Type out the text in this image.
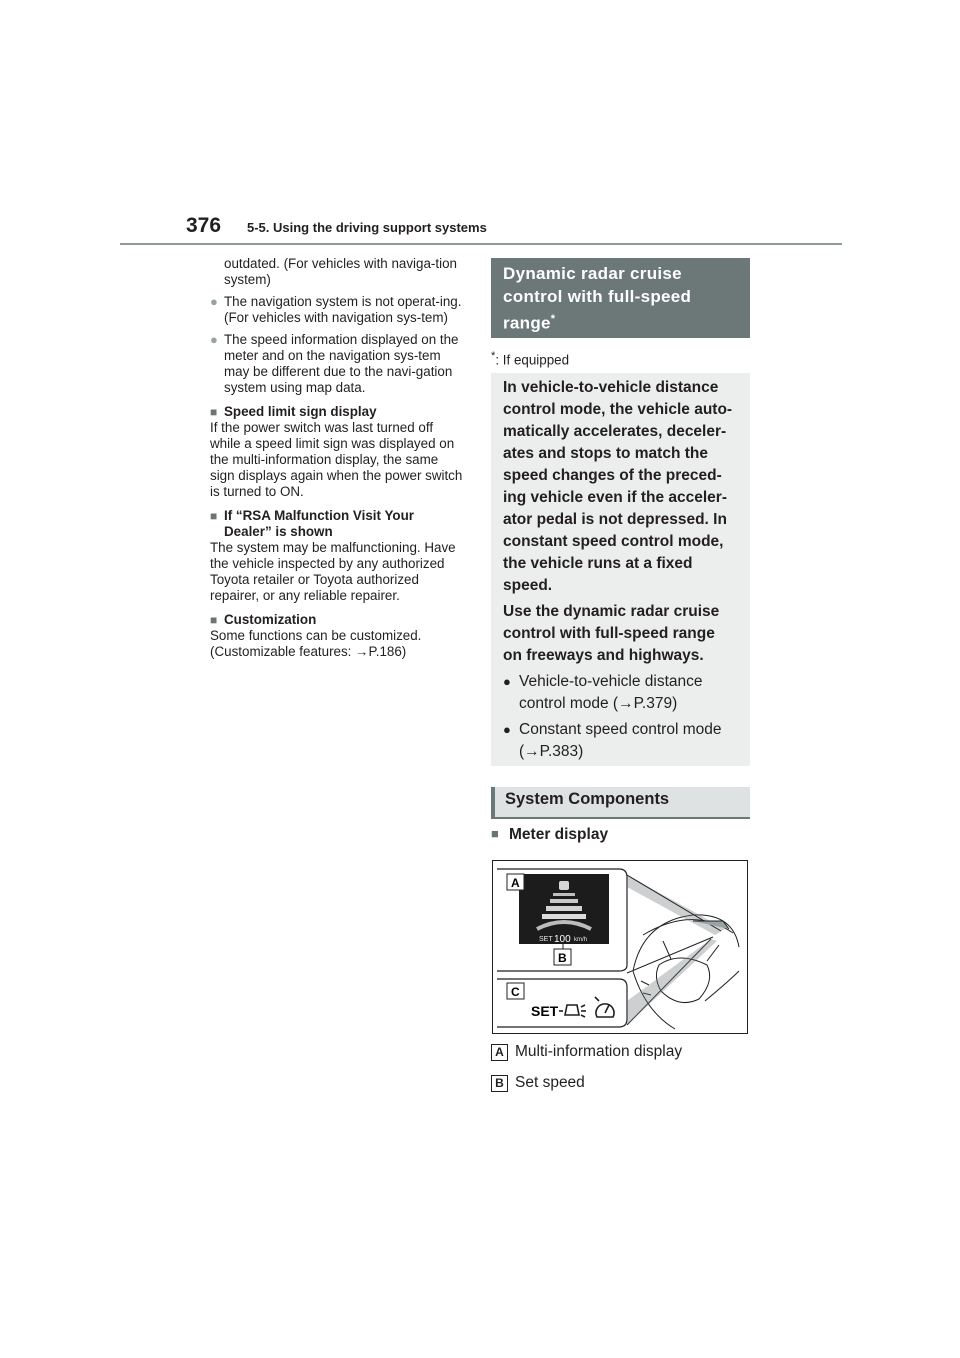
376 5-5. Using the driving support systems

outdated. (For vehicles with naviga-tion system)

● The navigation system is not operat-ing. (For vehicles with navigation sys-tem)

● The speed information displayed on the meter and on the navigation sys-tem may be different due to the navi-gation system using map data.

■ Speed limit sign display

If the power switch was last turned off while a speed limit sign was displayed on the multi-information display, the same sign displays again when the power switch is turned to ON.

■ If “RSA Malfunction Visit Your Dealer” is shown

The system may be malfunctioning. Have the vehicle inspected by any authorized Toyota retailer or Toyota authorized repairer, or any reliable repairer.

■ Customization

Some functions can be customized. (Customizable features: →P.186)

Dynamic radar cruise control with full-speed range*
*: If equipped

In vehicle-to-vehicle distance control mode, the vehicle auto-matically accelerates, deceler-ates and stops to match the speed changes of the preced-ing vehicle even if the acceler-ator pedal is not depressed. In constant speed control mode, the vehicle runs at a fixed speed.

Use the dynamic radar cruise control with full-speed range on freeways and highways.

● Vehicle-to-vehicle distance control mode (→P.379)

● Constant speed control mode (→P.383)

System Components
■ Meter display
SET 100 km/h
A
B
C
SET
A Multi-information display
B Set speed
